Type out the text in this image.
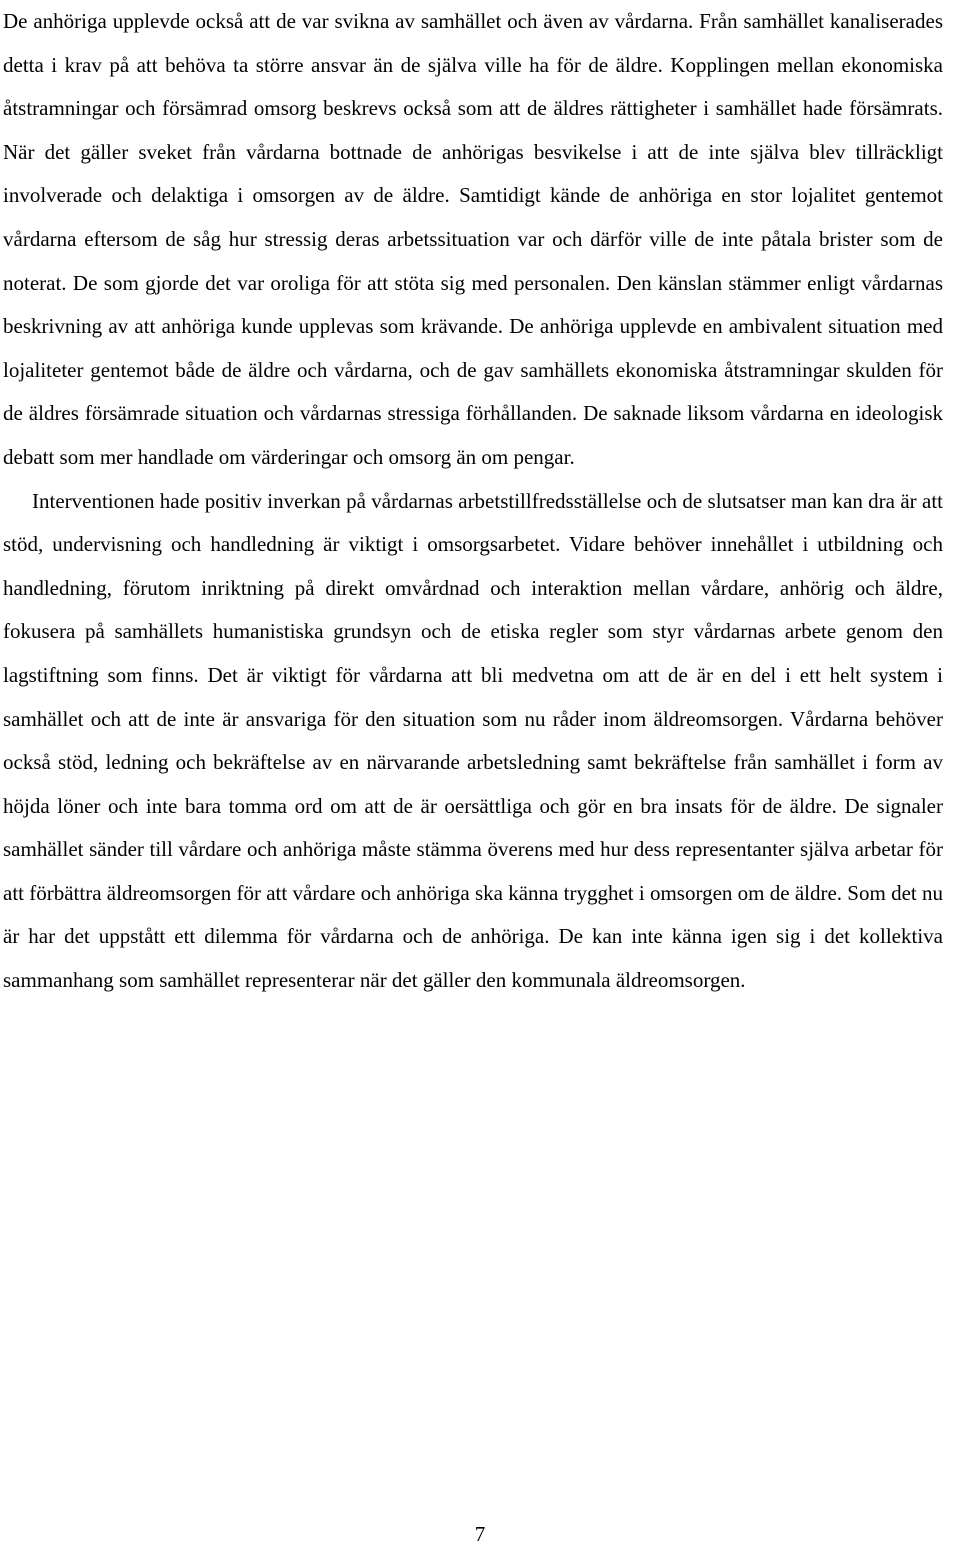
De anhöriga upplevde också att de var svikna av samhället och även av vårdarna. Från samhället kanaliserades detta i krav på att behöva ta större ansvar än de själva ville ha för de äldre. Kopplingen mellan ekonomiska åtstramningar och försämrad omsorg beskrevs också som att de äldres rättigheter i samhället hade försämrats. När det gäller sveket från vårdarna bottnade de anhörigas besvikelse i att de inte själva blev tillräckligt involverade och delaktiga i omsorgen av de äldre. Samtidigt kände de anhöriga en stor lojalitet gentemot vårdarna eftersom de såg hur stressig deras arbetssituation var och därför ville de inte påtala brister som de noterat. De som gjorde det var oroliga för att stöta sig med personalen. Den känslan stämmer enligt vårdarnas beskrivning av att anhöriga kunde upplevas som krävande. De anhöriga upplevde en ambivalent situation med lojaliteter gentemot både de äldre och vårdarna, och de gav samhällets ekonomiska åtstramningar skulden för de äldres försämrade situation och vårdarnas stressiga förhållanden. De saknade liksom vårdarna en ideologisk debatt som mer handlade om värderingar och omsorg än om pengar.

Interventionen hade positiv inverkan på vårdarnas arbetstillfredsställelse och de slutsatser man kan dra är att stöd, undervisning och handledning är viktigt i omsorgsarbetet. Vidare behöver innehållet i utbildning och handledning, förutom inriktning på direkt omvårdnad och interaktion mellan vårdare, anhörig och äldre, fokusera på samhällets humanistiska grundsyn och de etiska regler som styr vårdarnas arbete genom den lagstiftning som finns. Det är viktigt för vårdarna att bli medvetna om att de är en del i ett helt system i samhället och att de inte är ansvariga för den situation som nu råder inom äldreomsorgen. Vårdarna behöver också stöd, ledning och bekräftelse av en närvarande arbetsledning samt bekräftelse från samhället i form av höjda löner och inte bara tomma ord om att de är oersättliga och gör en bra insats för de äldre. De signaler samhället sänder till vårdare och anhöriga måste stämma överens med hur dess representanter själva arbetar för att förbättra äldreomsorgen för att vårdare och anhöriga ska känna trygghet i omsorgen om de äldre. Som det nu är har det uppstått ett dilemma för vårdarna och de anhöriga. De kan inte känna igen sig i det kollektiva sammanhang som samhället representerar när det gäller den kommunala äldreomsorgen.

7
